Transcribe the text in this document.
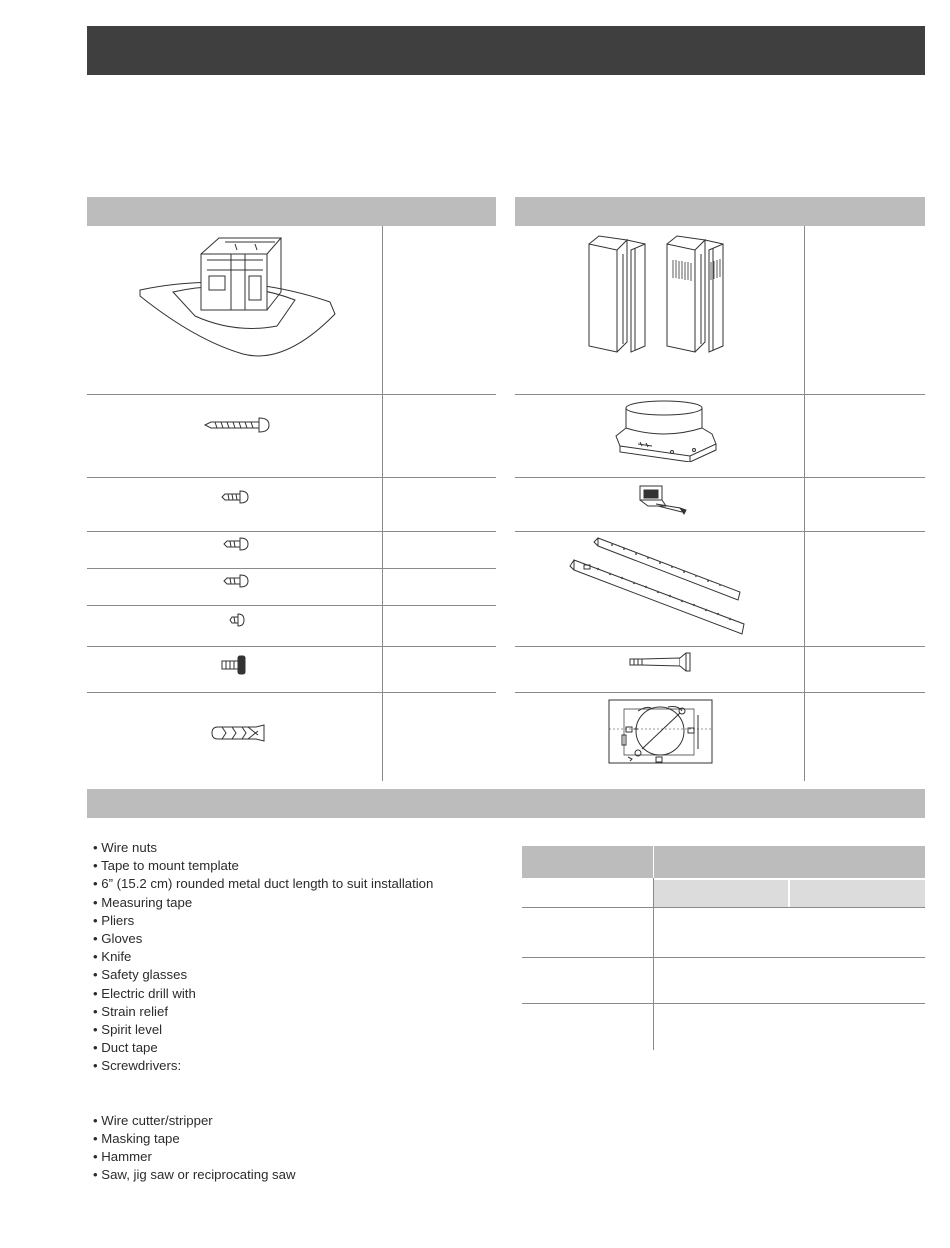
• Wire nuts
• Tape to mount template
• 6” (15.2 cm) rounded metal duct length to suit installation
• Measuring tape
• Pliers
• Gloves
• Knife
• Safety glasses
• Electric drill with
• Strain relief
• Spirit level
• Duct tape
• Screwdrivers:
• Wire cutter/stripper
• Masking tape
• Hammer
• Saw, jig saw or reciprocating saw
